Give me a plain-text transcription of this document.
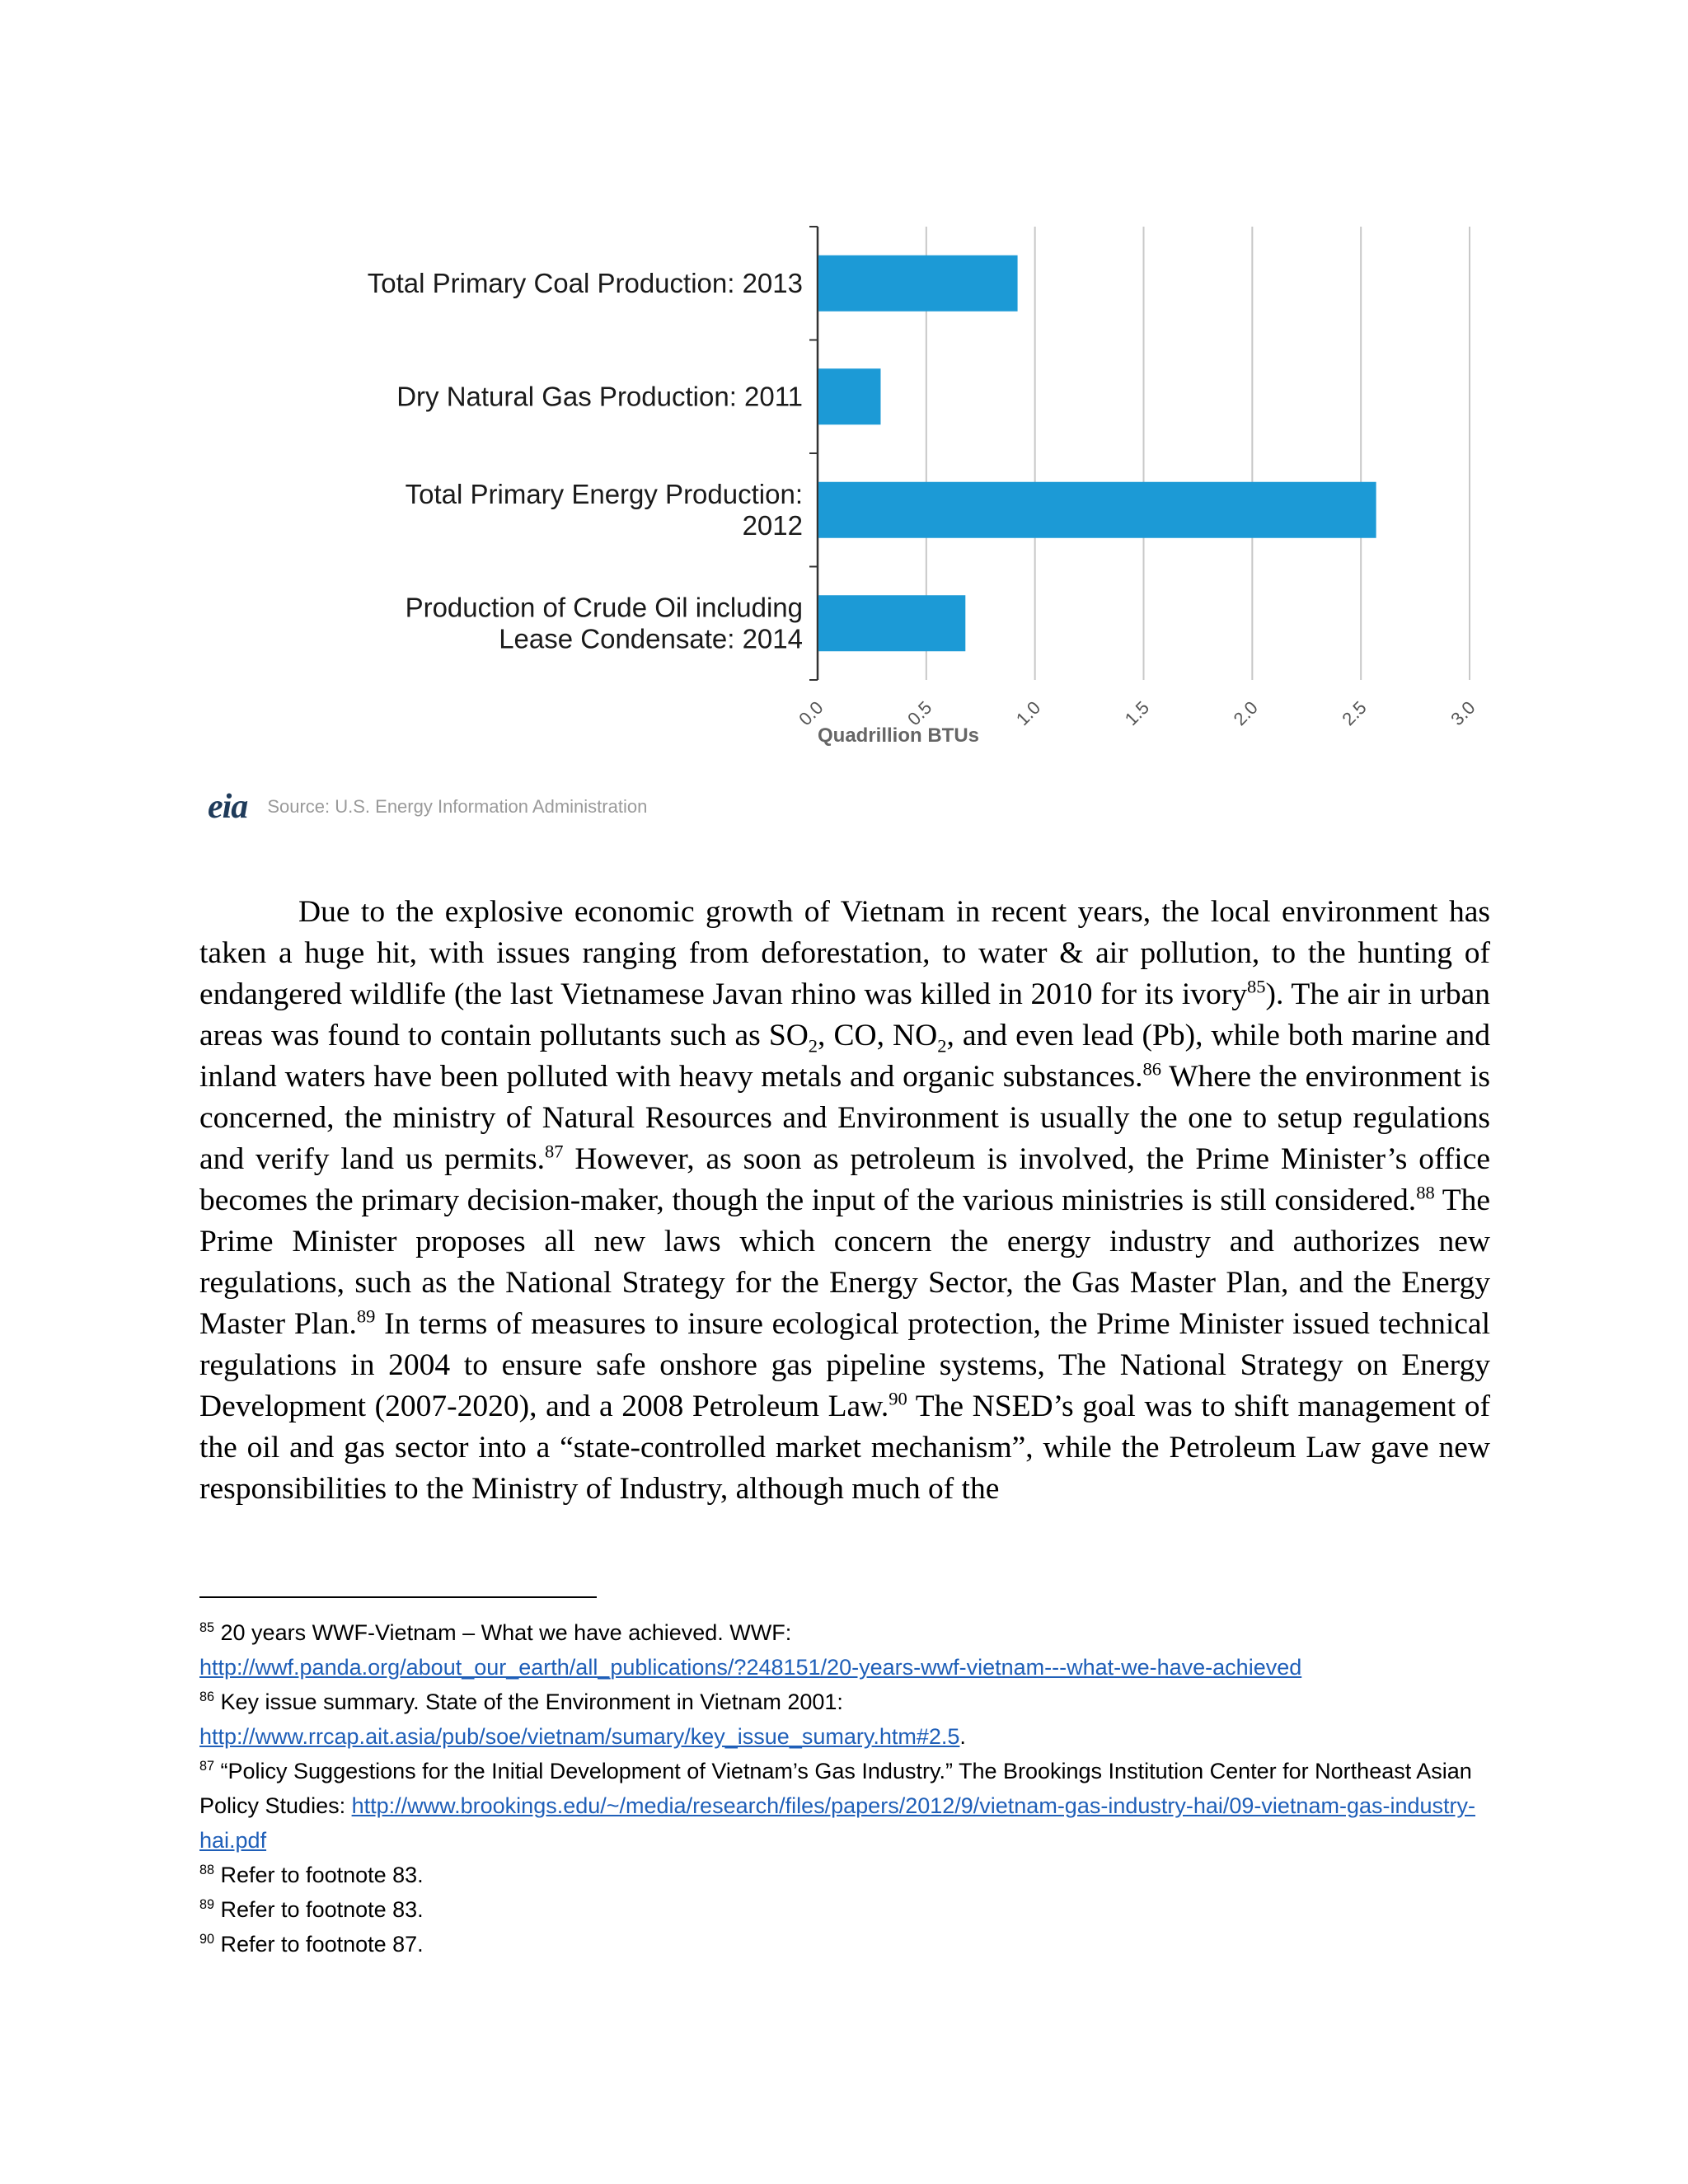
0.0	0.5	1.0	1.5	2.0	2.5	3.0
Total Primary Coal Production: 2013
Dry Natural Gas Production: 2011
Total Primary Energy Production:
2012
Production of Crude Oil including
Lease Condensate: 2014
Quadrillion BTUs
eia Source: U.S. Energy Information Administration

Due to the explosive economic growth of Vietnam in recent years, the local environment has taken a huge hit, with issues ranging from deforestation, to water & air pollution, to the hunting of endangered wildlife (the last Vietnamese Javan rhino was killed in 2010 for its ivory$^{85}$). The air in urban areas was found to contain pollutants such as $SO_2$, CO, $NO_2$, and even lead (Pb), while both marine and inland waters have been polluted with heavy metals and organic substances.$^{86}$ Where the environment is concerned, the ministry of Natural Resources and Environment is usually the one to setup regulations and verify land us permits.$^{87}$ However, as soon as petroleum is involved, the Prime Minister’s office becomes the primary decision-maker, though the input of the various ministries is still considered.$^{88}$ The Prime Minister proposes all new laws which concern the energy industry and authorizes new regulations, such as the National Strategy for the Energy Sector, the Gas Master Plan, and the Energy Master Plan.$^{89}$ In terms of measures to insure ecological protection, the Prime Minister issued technical regulations in 2004 to ensure safe onshore gas pipeline systems, The National Strategy on Energy Development (2007-2020), and a 2008 Petroleum Law.$^{90}$ The NSED’s goal was to shift management of the oil and gas sector into a “state-controlled market mechanism”, while the Petroleum Law gave new responsibilities to the Ministry of Industry, although much of the

$^{85}$ 20 years WWF-Vietnam – What we have achieved. WWF:
http://wwf.panda.org/about_our_earth/all_publications/?248151/20-years-wwf-vietnam---what-we-have-achieved

$^{86}$ Key issue summary. State of the Environment in Vietnam 2001:
http://www.rrcap.ait.asia/pub/soe/vietnam/sumary/key_issue_sumary.htm#2.5.

$^{87}$ “Policy Suggestions for the Initial Development of Vietnam’s Gas Industry.” The Brookings Institution Center for Northeast Asian Policy Studies: http://www.brookings.edu/~/media/research/files/papers/2012/9/vietnam-gas-industry-hai/09-vietnam-gas-industry-hai.pdf

$^{88}$ Refer to footnote 83.

$^{89}$ Refer to footnote 83.

$^{90}$ Refer to footnote 87.
